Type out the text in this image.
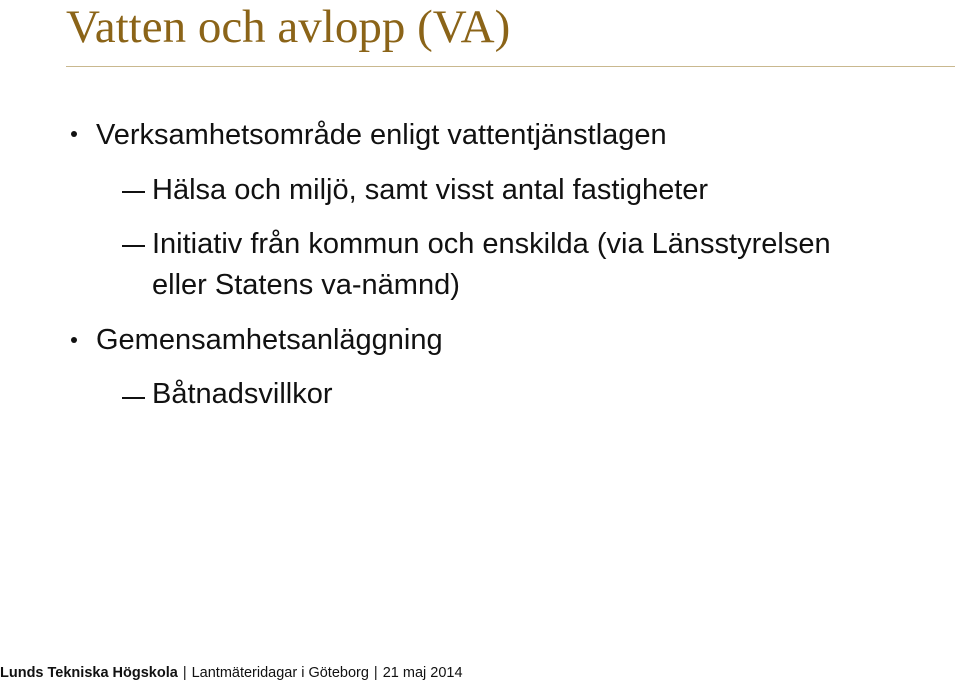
Vatten och avlopp (VA)
Verksamhetsområde enligt vattentjänstlagen
Hälsa och miljö, samt visst antal fastigheter
Initiativ från kommun och enskilda (via Länsstyrelsen
eller Statens va-nämnd)
Gemensamhetsanläggning
Båtnadsvillkor
Lunds Tekniska Högskola | Lantmäteridagar i Göteborg | 21 maj 2014
